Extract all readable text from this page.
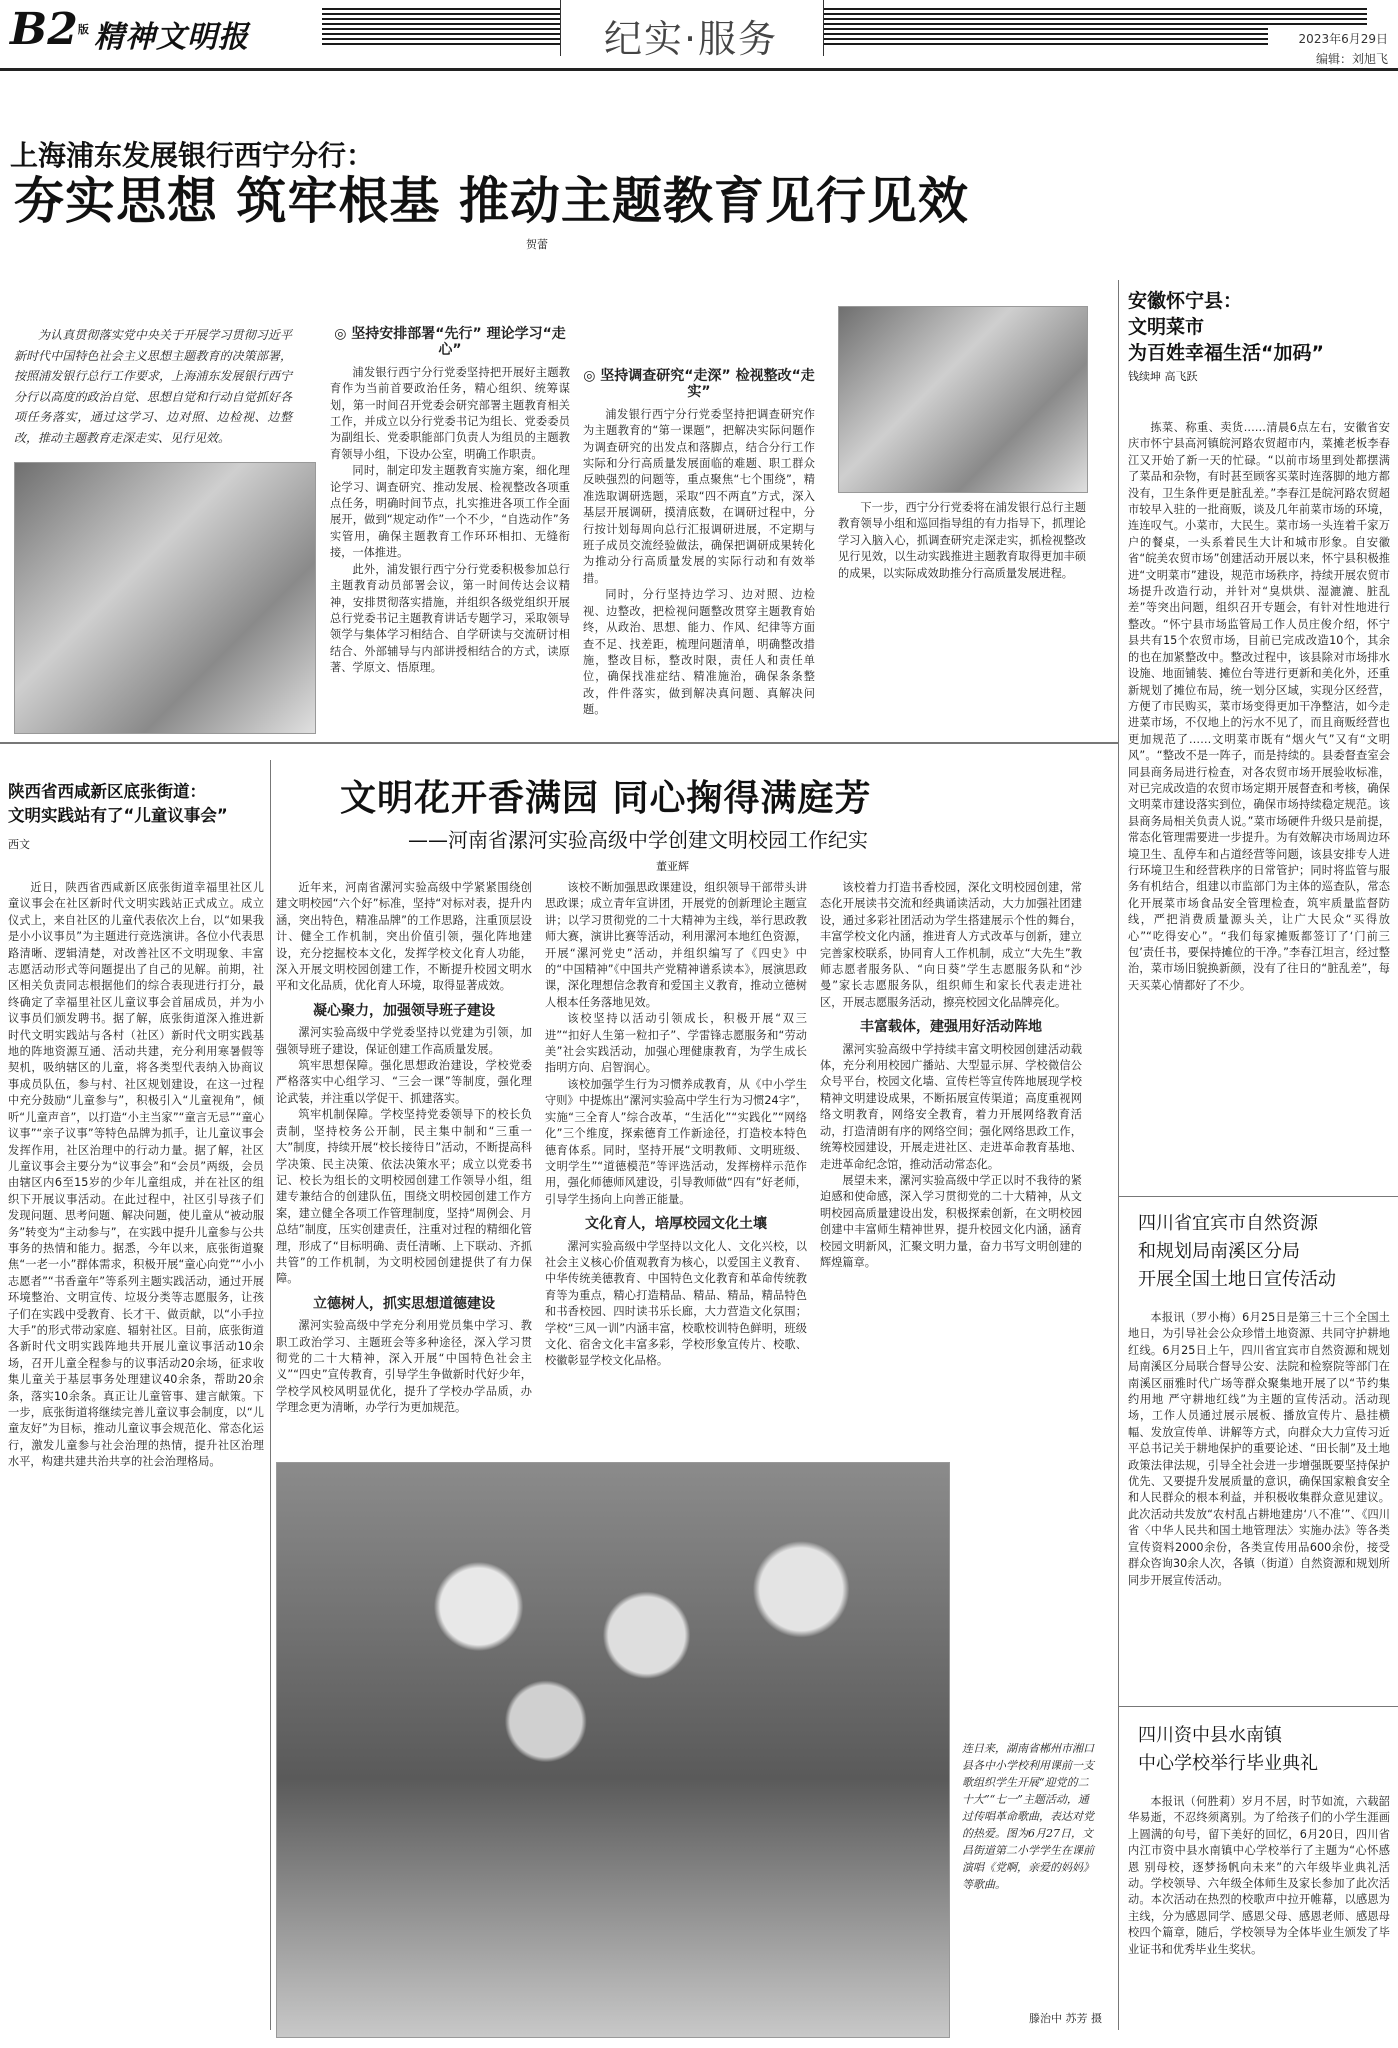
B2版 精神文明报	纪实·服务	2023年6月29日
编辑：刘旭飞
上海浦东发展银行西宁分行：
夯实思想 筑牢根基 推动主题教育见行见效
贺蕾
为认真贯彻落实党中央关于开展学习贯彻习近平新时代中国特色社会主义思想主题教育的决策部署，按照浦发银行总行工作要求，上海浦东发展银行西宁分行以高度的政治自觉、思想自觉和行动自觉抓好各项任务落实，通过这学习、边对照、边检视、边整改，推动主题教育走深走实、见行见效。
◎ 坚持安排部署“先行” 理论学习“走心”

浦发银行西宁分行党委坚持把开展好主题教育作为当前首要政治任务，精心组织、统筹谋划，第一时间召开党委会研究部署主题教育相关工作，并成立以分行党委书记为组长、党委委员为副组长、党委职能部门负责人为组员的主题教育领导小组，下设办公室，明确工作职责。

同时，制定印发主题教育实施方案，细化理论学习、调查研究、推动发展、检视整改各项重点任务，明确时间节点，扎实推进各项工作全面展开，做到“规定动作”一个不少，“自选动作”务实管用，确保主题教育工作环环相扣、无缝衔接，一体推进。

此外，浦发银行西宁分行党委积极参加总行主题教育动员部署会议，第一时间传达会议精神，安排贯彻落实措施，并组织各级党组织开展总行党委书记主题教育讲话专题学习，采取领导领学与集体学习相结合、自学研读与交流研讨相结合、外部辅导与内部讲授相结合的方式，读原著、学原文、悟原理。

◎ 坚持调查研究“走深” 检视整改“走实”

浦发银行西宁分行党委坚持把调查研究作为主题教育的“第一课题”，把解决实际问题作为调查研究的出发点和落脚点，结合分行工作实际和分行高质量发展面临的难题、职工群众反映强烈的问题等，重点聚焦“七个围绕”，精准选取调研选题，采取“四不两直”方式，深入基层开展调研，摸清底数，在调研过程中，分行按计划每周向总行汇报调研进展，不定期与班子成员交流经验做法，确保把调研成果转化为推动分行高质量发展的实际行动和有效举措。

同时，分行坚持边学习、边对照、边检视、边整改，把检视问题整改贯穿主题教育始终，从政治、思想、能力、作风、纪律等方面查不足、找差距，梳理问题清单，明确整改措施，整改目标，整改时限，责任人和责任单位，确保找准症结、精准施治，确保条条整改，件件落实，做到解决真问题、真解决问题。

下一步，西宁分行党委将在浦发银行总行主题教育领导小组和巡回指导组的有力指导下，抓理论学习入脑入心，抓调查研究走深走实，抓检视整改见行见效，以生动实践推进主题教育取得更加丰硕的成果，以实际成效助推分行高质量发展进程。

安徽怀宁县：
文明菜市
为百姓幸福生活“加码”
钱续坤 高飞跃

拣菜、称重、卖货……清晨6点左右，安徽省安庆市怀宁县高河镇皖河路农贸超市内，菜摊老板李春江又开始了新一天的忙碌。“以前市场里到处都摆满了菜品和杂物，有时甚至顾客买菜时连落脚的地方都没有，卫生条件更是脏乱差。”李春江是皖河路农贸超市较早入驻的一批商贩，谈及几年前菜市场的环境，连连叹气。小菜市，大民生。菜市场一头连着千家万户的餐桌，一头系着民生大计和城市形象。自安徽省“皖美农贸市场”创建活动开展以来，怀宁县积极推进“文明菜市”建设，规范市场秩序，持续开展农贸市场提升改造行动，并针对“臭烘烘、湿漉漉、脏乱差”等突出问题，组织召开专题会，有针对性地进行整改。“怀宁县市场监管局工作人员庄俊介绍，怀宁县共有15个农贸市场，目前已完成改造10个，其余的也在加紧整改中。整改过程中，该县除对市场排水设施、地面铺装、摊位台等进行更新和美化外，还重新规划了摊位布局，统一划分区域，实现分区经营，方便了市民购买，菜市场变得更加干净整洁，如今走进菜市场，不仅地上的污水不见了，而且商贩经营也更加规范了……文明菜市既有“烟火气”又有“文明风”。“整改不是一阵子，而是持续的。县委督查室会同县商务局进行检查，对各农贸市场开展验收标准，对已完成改造的农贸市场定期开展督查和考核，确保文明菜市建设落实到位，确保市场持续稳定规范。该县商务局相关负责人说。”菜市场硬件升级只是前提，常态化管理需要进一步提升。为有效解决市场周边环境卫生、乱停车和占道经营等问题，该县安排专人进行环境卫生和经营秩序的日常管护；同时将监管与服务有机结合，组建以市监部门为主体的巡查队，常态化开展菜市场食品安全管理检查，筑牢质量监督防线，严把消费质量源头关，让广大民众“买得放心”“吃得安心”。“我们每家摊贩都签订了‘门前三包’责任书，要保持摊位的干净。”李春江坦言，经过整治，菜市场旧貌换新颜，没有了往日的“脏乱差”，每天买菜心情都好了不少。

四川省宜宾市自然资源
和规划局南溪区分局
开展全国土地日宣传活动

本报讯（罗小梅）6月25日是第三十三个全国土地日，为引导社会公众珍惜土地资源、共同守护耕地红线。6月25日上午，四川省宜宾市自然资源和规划局南溪区分局联合督导公安、法院和检察院等部门在南溪区丽雅时代广场等群众聚集地开展了以“节约集约用地 严守耕地红线”为主题的宣传活动。活动现场，工作人员通过展示展板、播放宣传片、悬挂横幅、发放宣传单、讲解等方式，向群众大力宣传习近平总书记关于耕地保护的重要论述、“田长制”及土地政策法律法规，引导全社会进一步增强既要坚持保护优先、又要提升发展质量的意识，确保国家粮食安全和人民群众的根本利益，并积极收集群众意见建议。此次活动共发放“农村乱占耕地建房‘八不准’”、《四川省〈中华人民共和国土地管理法〉实施办法》等各类宣传资料2000余份，各类宣传用品600余份，接受群众咨询30余人次，各镇（街道）自然资源和规划所同步开展宣传活动。

四川资中县水南镇
中心学校举行毕业典礼

本报讯（何胜莉）岁月不居，时节如流，六载韶华易逝，不忍终须离别。为了给孩子们的小学生涯画上圆满的句号，留下美好的回忆，6月20日，四川省内江市资中县水南镇中心学校举行了主题为“心怀感恩 别母校，逐梦扬帆向未来”的六年级毕业典礼活动。学校领导、六年级全体师生及家长参加了此次活动。本次活动在热烈的校歌声中拉开帷幕，以感恩为主线，分为感恩同学、感恩父母、感恩老师、感恩母校四个篇章，随后，学校领导为全体毕业生颁发了毕业证书和优秀毕业生奖状。

陕西省西咸新区底张街道：
文明实践站有了“儿童议事会”
西文

近日，陕西省西咸新区底张街道幸福里社区儿童议事会在社区新时代文明实践站正式成立。成立仪式上，来自社区的儿童代表依次上台，以“如果我是小小议事员”为主题进行竞选演讲。各位小代表思路清晰、逻辑清楚，对改善社区不文明现象、丰富志愿活动形式等问题提出了自己的见解。前期，社区相关负责同志根据他们的综合表现进行打分，最终确定了幸福里社区儿童议事会首届成员，并为小议事员们颁发聘书。据了解，底张街道深入推进新时代文明实践站与各村（社区）新时代文明实践基地的阵地资源互通、活动共建，充分利用寒暑假等契机，吸纳辖区的儿童，将各类型代表纳入协商议事成员队伍，参与村、社区规划建设，在这一过程中充分鼓励“儿童参与”，积极引入“儿童视角”，倾听“儿童声音”，以打造“小主当家”“童言无忌”“童心议事”“亲子议事”等特色品牌为抓手，让儿童议事会发挥作用，社区治理中的行动力量。据了解，社区儿童议事会主要分为“议事会”和“会员”两级，会员由辖区内6至15岁的少年儿童组成，并在社区的组织下开展议事活动。在此过程中，社区引导孩子们发现问题、思考问题、解决问题，使儿童从“被动服务”转变为“主动参与”，在实践中提升儿童参与公共事务的热情和能力。据悉，今年以来，底张街道聚焦“一老一小”群体需求，积极开展“童心向党”“小小志愿者”“书香童年”等系列主题实践活动，通过开展环境整治、文明宣传、垃圾分类等志愿服务，让孩子们在实践中受教育、长才干、做贡献，以“小手拉大手”的形式带动家庭、辐射社区。目前，底张街道各新时代文明实践阵地共开展儿童议事活动10余场，召开儿童全程参与的议事活动20余场，征求收集儿童关于基层事务处理建议40余条，帮助20余条，落实10余条。真正让儿童管事、建言献策。下一步，底张街道将继续完善儿童议事会制度，以“儿童友好”为目标，推动儿童议事会规范化、常态化运行，激发儿童参与社会治理的热情，提升社区治理水平，构建共建共治共享的社会治理格局。

文明花开香满园 同心掬得满庭芳
——河南省漯河实验高级中学创建文明校园工作纪实
董亚辉

近年来，河南省漯河实验高级中学紧紧围绕创建文明校园“六个好”标准，坚持“对标对表，提升内涵，突出特色，精准品牌”的工作思路，注重顶层设计、健全工作机制，突出价值引领，强化阵地建设，充分挖掘校本文化，发挥学校文化育人功能，深入开展文明校园创建工作，不断提升校园文明水平和文化品质，优化育人环境，取得显著成效。

凝心聚力，加强领导班子建设

漯河实验高级中学党委坚持以党建为引领，加强领导班子建设，保证创建工作高质量发展。

筑牢思想保障。强化思想政治建设，学校党委严格落实中心组学习、“三会一课”等制度，强化理论武装，并注重以学促干、抓建落实。

筑牢机制保障。学校坚持党委领导下的校长负责制，坚持校务公开制，民主集中制和“三重一大”制度，持续开展“校长接待日”活动，不断提高科学决策、民主决策、依法决策水平；成立以党委书记、校长为组长的文明校园创建工作领导小组，组建专兼结合的创建队伍，围绕文明校园创建工作方案，建立健全各项工作管理制度，坚持“周例会、月总结”制度，压实创建责任，注重对过程的精细化管理，形成了“目标明确、责任清晰、上下联动、齐抓共管”的工作机制，为文明校园创建提供了有力保障。

立德树人，抓实思想道德建设

漯河实验高级中学充分利用党员集中学习、教职工政治学习、主题班会等多种途径，深入学习贯彻党的二十大精神，深入开展“中国特色社会主义”“四史”宣传教育，引导学生争做新时代好少年，学校学风校风明显优化，提升了学校办学品质，办学理念更为清晰，办学行为更加规范。

该校不断加强思政课建设，组织领导干部带头讲思政课；成立青年宣讲团，开展党的创新理论主题宣讲；以学习贯彻党的二十大精神为主线，举行思政教师大赛，演讲比赛等活动，利用漯河本地红色资源，开展“漯河党史”活动，并组织编写了《四史》中的“中国精神”《中国共产党精神谱系读本》，展演思政课，深化理想信念教育和爱国主义教育，推动立德树人根本任务落地见效。

该校坚持以活动引领成长，积极开展“双三进”“扣好人生第一粒扣子”、学雷锋志愿服务和“劳动美”社会实践活动，加强心理健康教育，为学生成长指明方向、启智润心。

该校加强学生行为习惯养成教育，从《中小学生守则》中提炼出“漯河实验高中学生行为习惯24字”，实施“三全育人”综合改革，“生活化”“实践化”“网络化”三个维度，探索德育工作新途径，打造校本特色德育体系。同时，坚持开展“文明教师、文明班级、文明学生”“道德模范”等评选活动，发挥榜样示范作用，强化师德师风建设，引导教师做“四有”好老师，引导学生扬向上向善正能量。

文化育人，培厚校园文化土壤

漯河实验高级中学坚持以文化人、文化兴校，以社会主义核心价值观教育为核心，以爱国主义教育、中华传统美德教育、中国特色文化教育和革命传统教育等为重点，精心打造精品、精品、精品，精品特色和书香校园、四时读书乐长廊，大力营造文化氛围；学校“三风一训”内涵丰富，校歌校训特色鲜明，班级文化、宿舍文化丰富多彩，学校形象宣传片、校歌、校徽彰显学校文化品格。

该校着力打造书香校园，深化文明校园创建，常态化开展读书交流和经典诵读活动，大力加强社团建设，通过多彩社团活动为学生搭建展示个性的舞台，丰富学校文化内涵，推进育人方式改革与创新，建立完善家校联系，协同育人工作机制，成立“大先生”教师志愿者服务队、“向日葵”学生志愿服务队和“沙曼”家长志愿服务队，组织师生和家长代表走进社区，开展志愿服务活动，擦亮校园文化品牌亮化。

丰富载体，建强用好活动阵地

漯河实验高级中学持续丰富文明校园创建活动载体，充分利用校园广播站、大型显示屏、学校微信公众号平台，校园文化墙、宣传栏等宣传阵地展现学校精神文明建设成果，不断拓展宣传渠道；高度重视网络文明教育，网络安全教育，着力开展网络教育活动，打造清朗有序的网络空间；强化网络思政工作，统筹校园建设，开展走进社区、走进革命教育基地、走进革命纪念馆，推动活动常态化。

展望未来，漯河实验高级中学正以时不我待的紧迫感和使命感，深入学习贯彻党的二十大精神，从文明校园高质量建设出发，积极探索创新，在文明校园创建中丰富师生精神世界，提升校园文化内涵，涵育校园文明新风，汇聚文明力量，奋力书写文明创建的辉煌篇章。

连日来，湖南省郴州市湘口县各中小学校利用课前一支歌组织学生开展“迎党的二十大”“七一”主题活动，通过传唱革命歌曲，表达对党的热爱。图为6月27日，文昌街道第二小学学生在课前演唱《党啊，亲爱的妈妈》等歌曲。
滕治中 苏芳 摄
